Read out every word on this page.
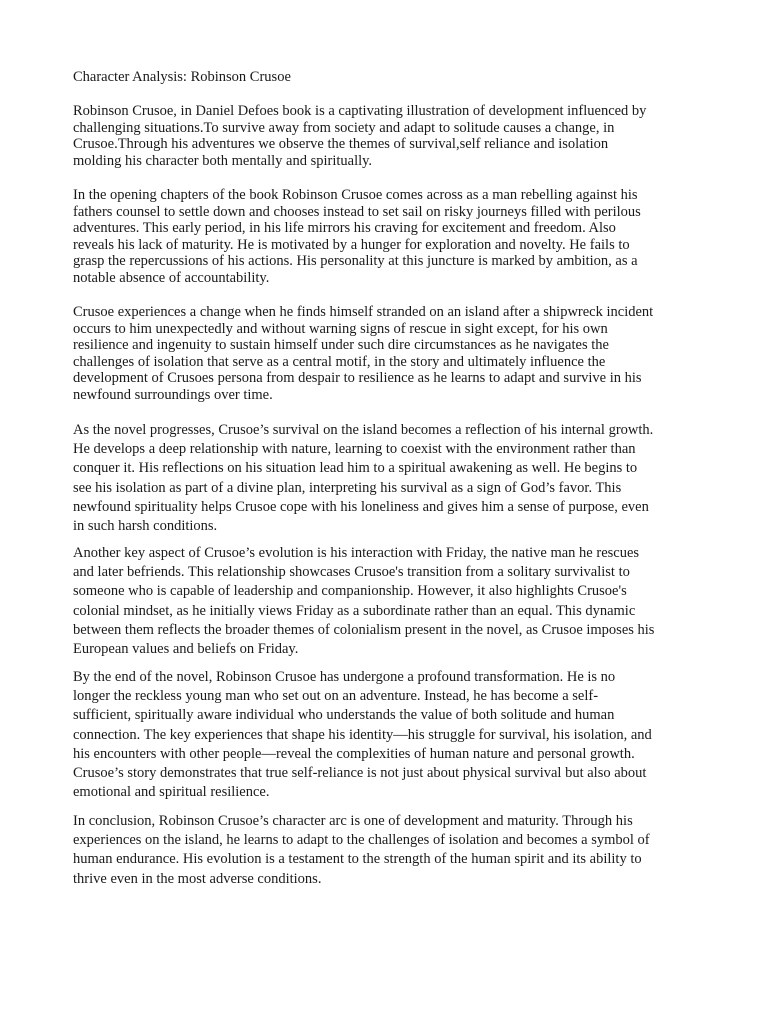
Character Analysis: Robinson Crusoe

Robinson Crusoe, in Daniel Defoes book is a captivating illustration of development influenced by
challenging situations.To survive away from society and adapt to solitude causes a change, in
Crusoe.Through his adventures we observe the themes of survival,self reliance and isolation
molding his character both mentally and spiritually.

In the opening chapters of the book Robinson Crusoe comes across as a man rebelling against his
fathers counsel to settle down and chooses instead to set sail on risky journeys filled with perilous
adventures. This early period, in his life mirrors his craving for excitement and freedom. Also
reveals his lack of maturity. He is motivated by a hunger for exploration and novelty. He fails to
grasp the repercussions of his actions. His personality at this juncture is marked by ambition, as a
notable absence of accountability.

Crusoe experiences a change when he finds himself stranded on an island after a shipwreck incident
occurs to him unexpectedly and without warning signs of rescue in sight except, for his own
resilience and ingenuity to sustain himself under such dire circumstances as he navigates the
challenges of isolation that serve as a central motif, in the story and ultimately influence the
development of Crusoes persona from despair to resilience as he learns to adapt and survive in his
newfound surroundings over time.

As the novel progresses, Crusoe’s survival on the island becomes a reflection of his internal growth.
He develops a deep relationship with nature, learning to coexist with the environment rather than
conquer it. His reflections on his situation lead him to a spiritual awakening as well. He begins to
see his isolation as part of a divine plan, interpreting his survival as a sign of God’s favor. This
newfound spirituality helps Crusoe cope with his loneliness and gives him a sense of purpose, even
in such harsh conditions.

Another key aspect of Crusoe’s evolution is his interaction with Friday, the native man he rescues
and later befriends. This relationship showcases Crusoe's transition from a solitary survivalist to
someone who is capable of leadership and companionship. However, it also highlights Crusoe's
colonial mindset, as he initially views Friday as a subordinate rather than an equal. This dynamic
between them reflects the broader themes of colonialism present in the novel, as Crusoe imposes his
European values and beliefs on Friday.

By the end of the novel, Robinson Crusoe has undergone a profound transformation. He is no
longer the reckless young man who set out on an adventure. Instead, he has become a self-
sufficient, spiritually aware individual who understands the value of both solitude and human
connection. The key experiences that shape his identity—his struggle for survival, his isolation, and
his encounters with other people—reveal the complexities of human nature and personal growth.
Crusoe’s story demonstrates that true self-reliance is not just about physical survival but also about
emotional and spiritual resilience.

In conclusion, Robinson Crusoe’s character arc is one of development and maturity. Through his
experiences on the island, he learns to adapt to the challenges of isolation and becomes a symbol of
human endurance. His evolution is a testament to the strength of the human spirit and its ability to
thrive even in the most adverse conditions.
